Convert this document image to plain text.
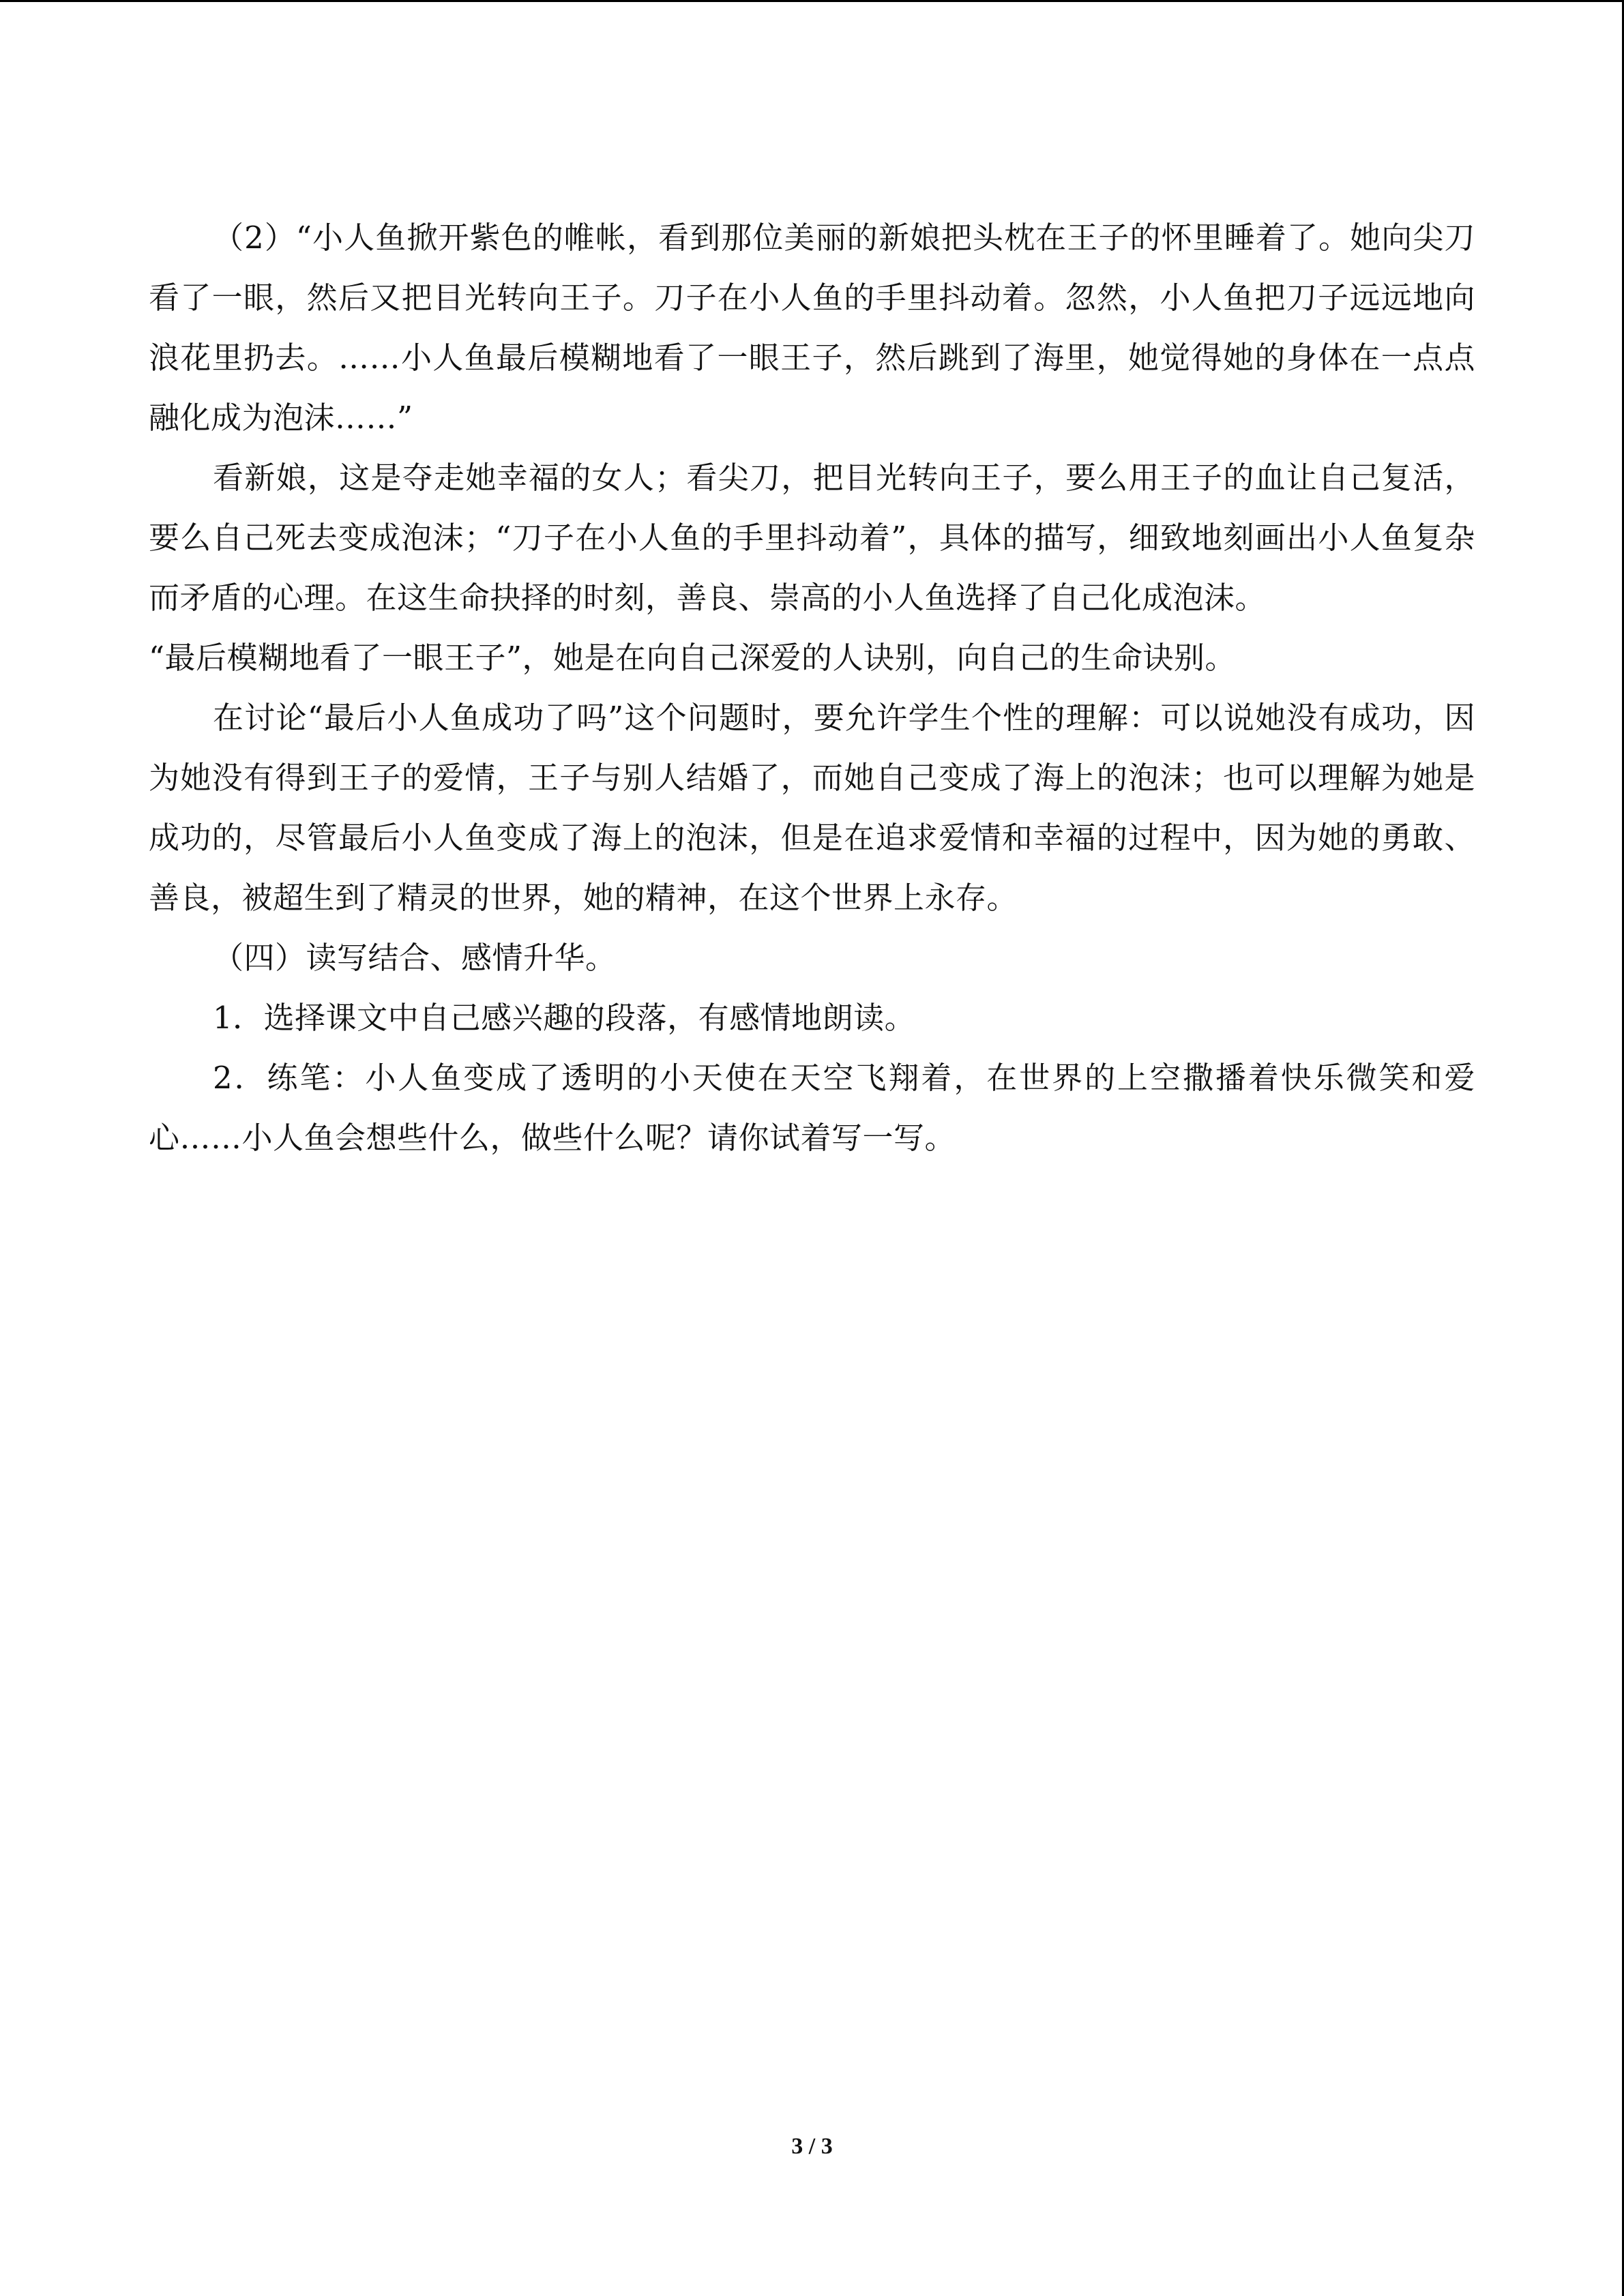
（2）“小人鱼掀开紫色的帷帐，看到那位美丽的新娘把头枕在王子的怀里睡着了。她向尖刀看了一眼，然后又把目光转向王子。刀子在小人鱼的手里抖动着。忽然，小人鱼把刀子远远地向浪花里扔去。……小人鱼最后模糊地看了一眼王子，然后跳到了海里，她觉得她的身体在一点点融化成为泡沫……”

看新娘，这是夺走她幸福的女人；看尖刀，把目光转向王子，要么用王子的血让自己复活，要么自己死去变成泡沫；“刀子在小人鱼的手里抖动着”，具体的描写，细致地刻画出小人鱼复杂而矛盾的心理。在这生命抉择的时刻，善良、崇高的小人鱼选择了自己化成泡沫。

“最后模糊地看了一眼王子”，她是在向自己深爱的人诀别，向自己的生命诀别。

在讨论“最后小人鱼成功了吗”这个问题时，要允许学生个性的理解：可以说她没有成功，因为她没有得到王子的爱情，王子与别人结婚了，而她自己变成了海上的泡沫；也可以理解为她是成功的，尽管最后小人鱼变成了海上的泡沫，但是在追求爱情和幸福的过程中，因为她的勇敢、善良，被超生到了精灵的世界，她的精神，在这个世界上永存。

（四）读写结合、感情升华。

1．选择课文中自己感兴趣的段落，有感情地朗读。

2．练笔：小人鱼变成了透明的小天使在天空飞翔着，在世界的上空撒播着快乐微笑和爱心……小人鱼会想些什么，做些什么呢？请你试着写一写。

3 / 3
